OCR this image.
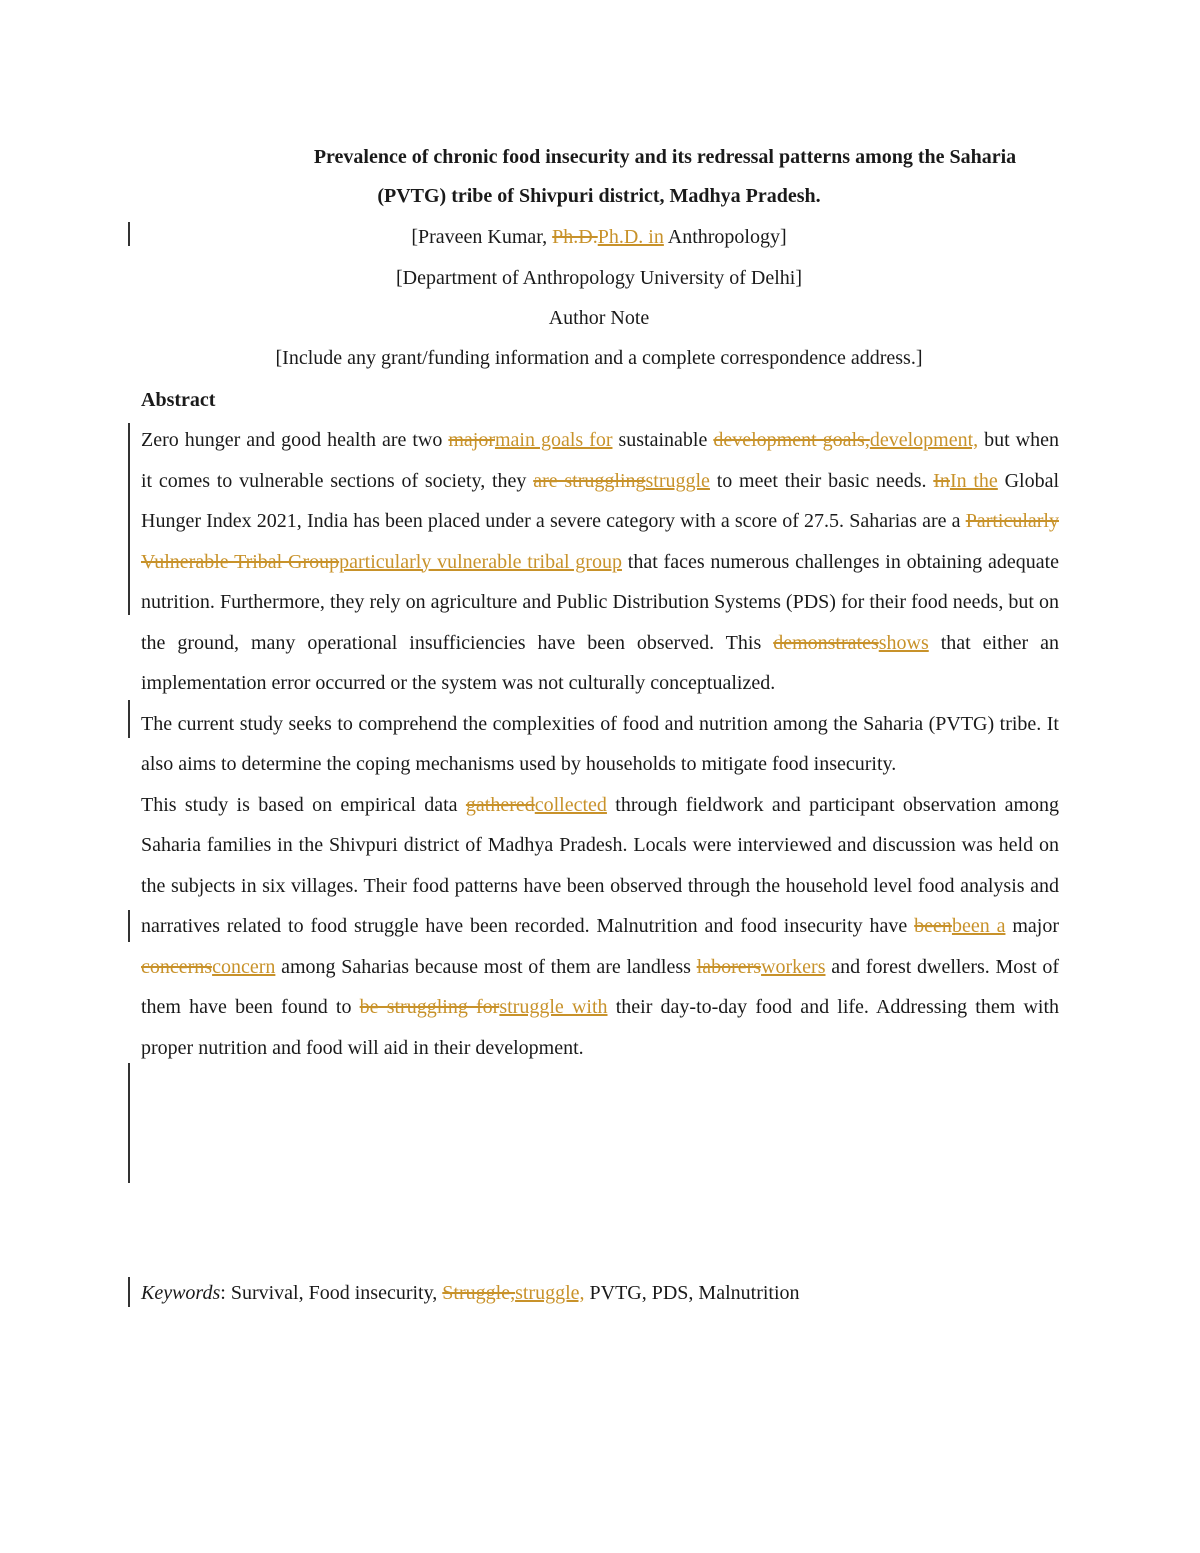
Prevalence of chronic food insecurity and its redressal patterns among the Saharia
(PVTG) tribe of Shivpuri district, Madhya Pradesh.
[Praveen Kumar, Ph.D.Ph.D. in Anthropology]
[Department of Anthropology University of Delhi]
Author Note
[Include any grant/funding information and a complete correspondence address.]
Abstract

Zero hunger and good health are two majormain goals for sustainable development goals,development, but when it comes to vulnerable sections of society, they are strugglingstruggle to meet their basic needs. InIn the Global Hunger Index 2021, India has been placed under a severe category with a score of 27.5. Saharias are a Particularly Vulnerable Tribal Groupparticularly vulnerable tribal group that faces numerous challenges in obtaining adequate nutrition. Furthermore, they rely on agriculture and Public Distribution Systems (PDS) for their food needs, but on the ground, many operational insufficiencies have been observed. This demonstratesshows that either an implementation error occurred or the system was not culturally conceptualized.

The current study seeks to comprehend the complexities of food and nutrition among the Saharia (PVTG) tribe. It also aims to determine the coping mechanisms used by households to mitigate food insecurity.

This study is based on empirical data gatheredcollected through fieldwork and participant observation among Saharia families in the Shivpuri district of Madhya Pradesh. Locals were interviewed and discussion was held on the subjects in six villages. Their food patterns have been observed through the household level food analysis and narratives related to food struggle have been recorded. Malnutrition and food insecurity have beenbeen a major concernsconcern among Saharias because most of them are landless laborersworkers and forest dwellers. Most of them have been found to be struggling forstruggle with their day-to-day food and life. Addressing them with proper nutrition and food will aid in their development.

Keywords: Survival, Food insecurity, Struggle,struggle, PVTG, PDS, Malnutrition
